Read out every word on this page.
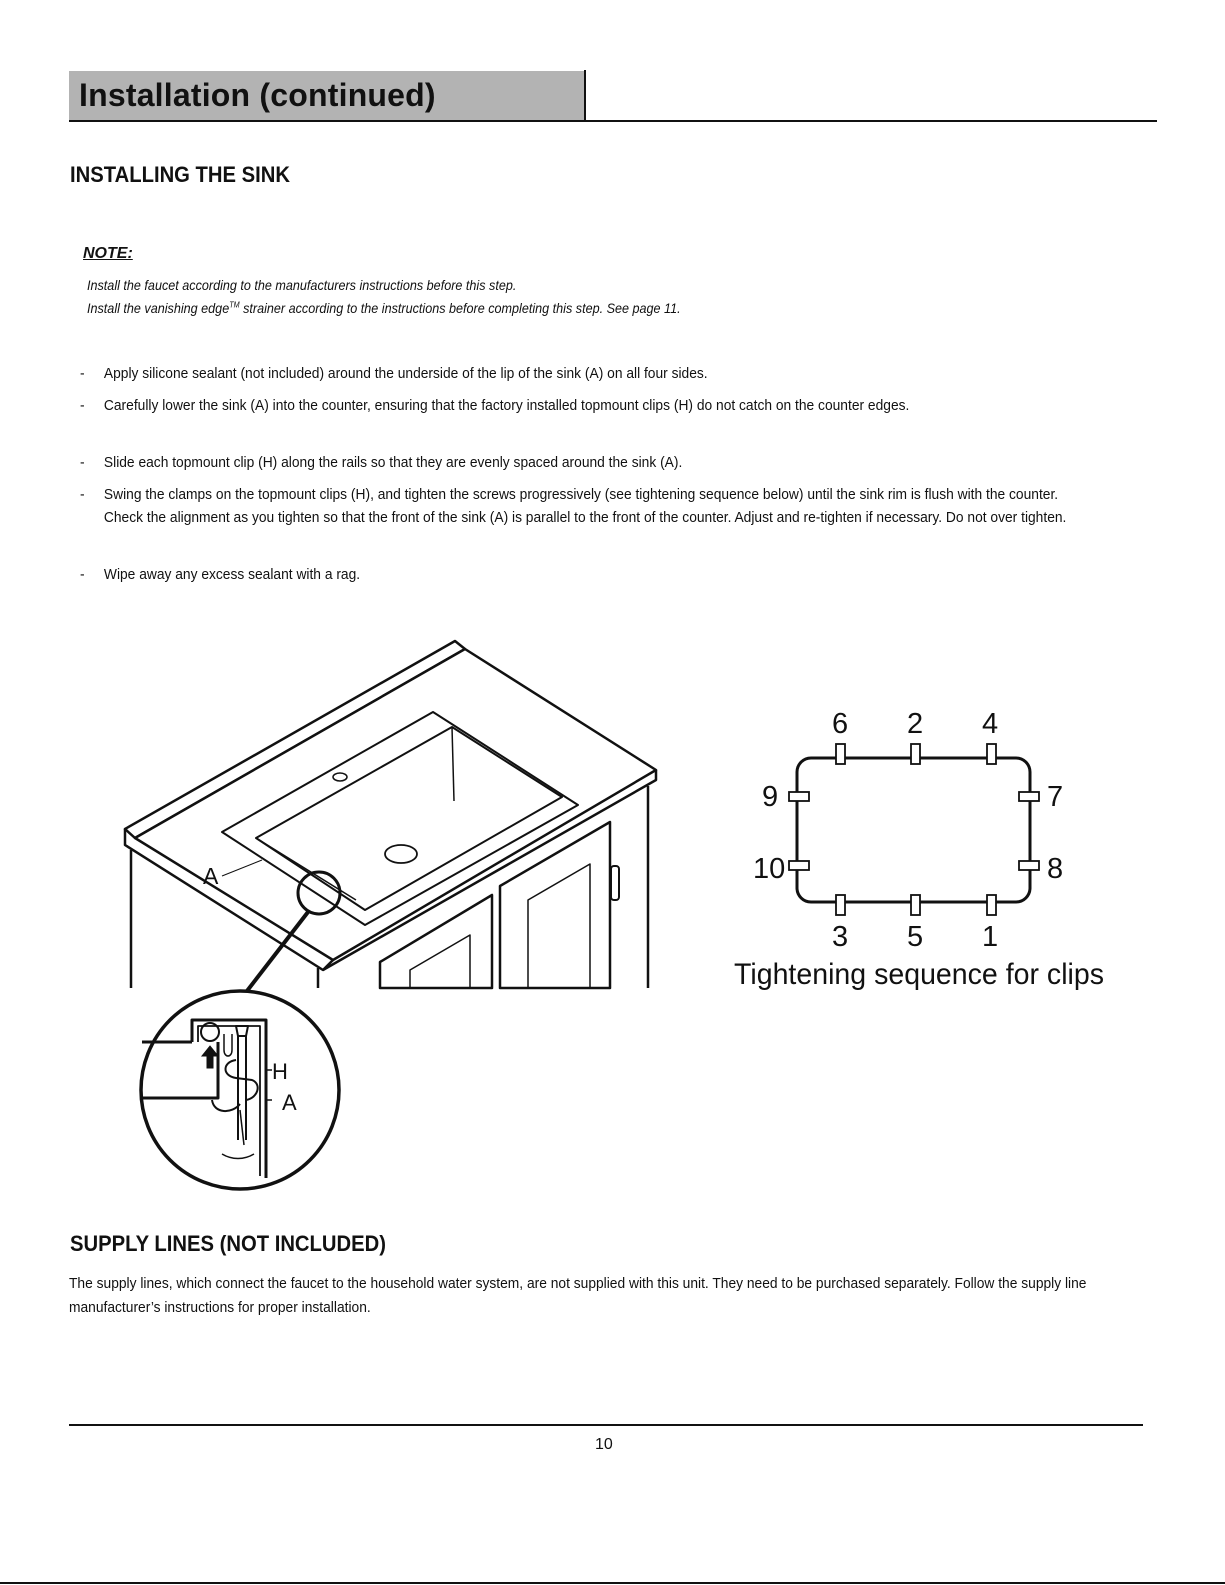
Installation (continued)
INSTALLING THE SINK
NOTE:
Install the faucet according to the manufacturers instructions before this step.
Install the vanishing edge™ strainer according to the instructions before completing this step. See page 11.
- Apply silicone sealant (not included) around the underside of the lip of the sink (A) on all four sides.
- Carefully lower the sink (A) into the counter, ensuring that the factory installed topmount clips (H) do not catch on the counter edges.
- Slide each topmount clip (H) along the rails so that they are evenly spaced around the sink (A).
- Swing the clamps on the topmount clips (H), and tighten the screws progressively (see tightening sequence below) until the sink rim is flush with the counter. Check the alignment as you tighten so that the front of the sink (A) is parallel to the front of the counter. Adjust and re-tighten if necessary. Do not over tighten.
- Wipe away any excess sealant with a rag.
A
H
A
6 2 4
9
10
7
8
3 5 1
Tightening sequence for clips
SUPPLY LINES (NOT INCLUDED)
The supply lines, which connect the faucet to the household water system, are not supplied with this unit. They need to be purchased separately. Follow the supply line manufacturer’s instructions for proper installation.
10
